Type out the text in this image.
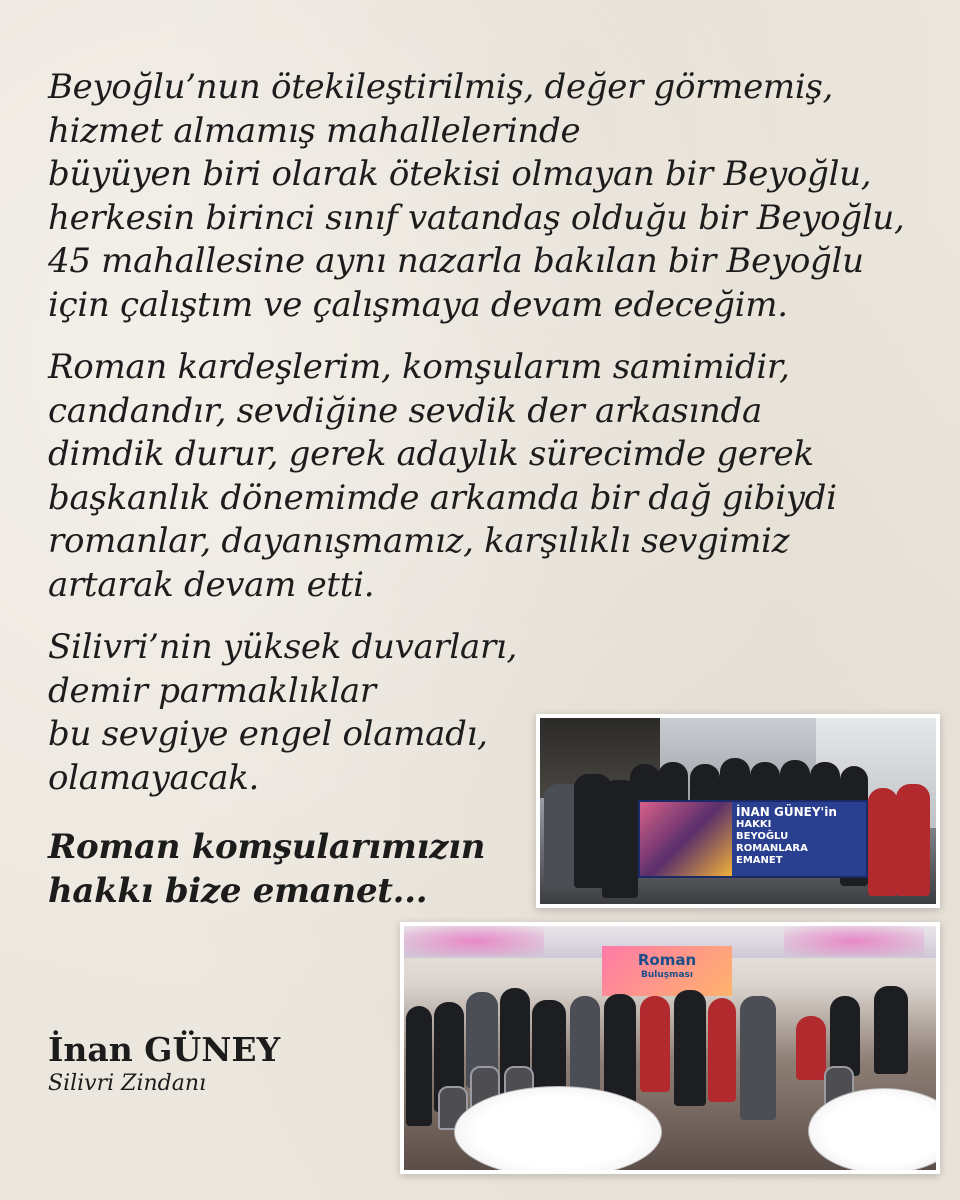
Beyoğlu’nun ötekileştirilmiş, değer görmemiş,
hizmet almamış mahallelerinde
büyüyen biri olarak ötekisi olmayan bir Beyoğlu,
herkesin birinci sınıf vatandaş olduğu bir Beyoğlu,
45 mahallesine aynı nazarla bakılan bir Beyoğlu
için çalıştım ve çalışmaya devam edeceğim.

Roman kardeşlerim, komşularım samimidir,
candandır, sevdiğine sevdik der arkasında
dimdik durur, gerek adaylık sürecimde gerek
başkanlık dönemimde arkamda bir dağ gibiydi
romanlar, dayanışmamız, karşılıklı sevgimiz
artarak devam etti.

Silivri’nin yüksek duvarları,
demir parmaklıklar
bu sevgiye engel olamadı,
olamayacak.

Roman komşularımızın
hakkı bize emanet...

İnan GÜNEY
Silivri Zindanı
İNAN GÜNEY'in
HAKKI
BEYOĞLU ROMANLARA
EMANET
Roman
Buluşması
